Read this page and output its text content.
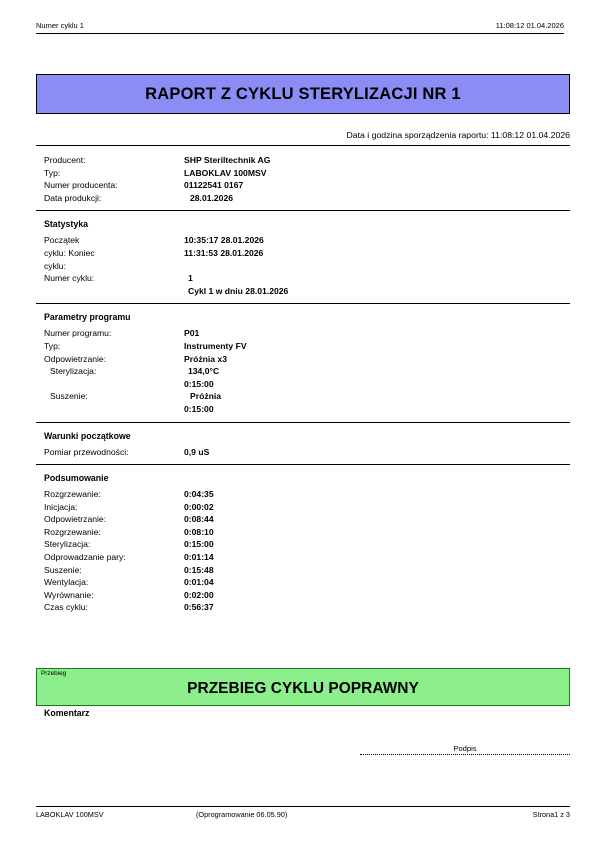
Numer cyklu 1	11:08:12 01.04.2026
RAPORT Z CYKLU STERYLIZACJI NR 1
Data i godzina sporządzenia raportu: 11:08:12 01.04.2026
Producent:	SHP Steriltechnik AG
Typ:	LABOKLAV 100MSV
Numer producenta:	01122541 0167
Data produkcji:	28.01.2026
Statystyka
Początek	10:35:17 28.01.2026
cyklu: Koniec	11:31:53 28.01.2026
cyklu:
Numer cyklu:	1
Cykl 1 w dniu 28.01.2026
Parametry programu
Numer programu:	P01
Typ:	Instrumenty FV
Odpowietrzanie:	Próżnia x3
Sterylizacja:	134,0°C
0:15:00
Suszenie:	Próżnia
0:15:00
Warunki początkowe
Pomiar przewodności:	0,9 uS
Podsumowanie
Rozgrzewanie:	0:04:35
Inicjacja:	0:00:02
Odpowietrzanie:	0:08:44
Rozgrzewanie:	0:08:10
Sterylizacja:	0:15:00
Odprowadzanie pary:	0:01:14
Suszenie:	0:15:48
Wentylacja:	0:01:04
Wyrównanie:	0:02:00
Czas cyklu:	0:56:37
Przebieg
PRZEBIEG CYKLU POPRAWNY
Komentarz
Podpis
LABOKLAV 100MSV	(Oprogramowanie 06.05.90)	Strona1 z 3
